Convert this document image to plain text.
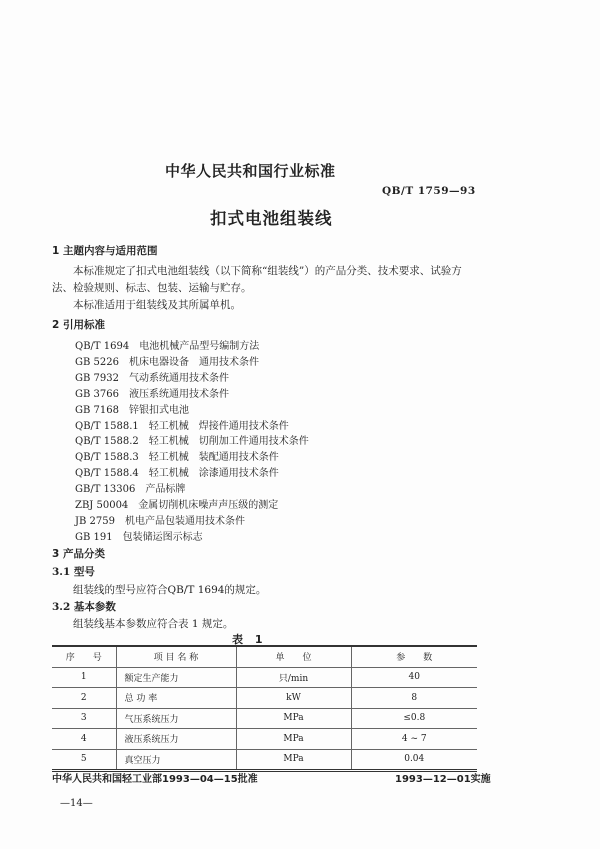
中华人民共和国行业标准
QB/T 1759—93
扣式电池组装线
1 主题内容与适用范围
本标准规定了扣式电池组装线（以下简称“组装线”）的产品分类、技术要求、试验方
法、检验规则、标志、包装、运输与贮存。
本标准适用于组装线及其所属单机。
2 引用标准
QB/T 1694 电池机械产品型号编制方法
GB 5226 机床电器设备 通用技术条件
GB 7932 气动系统通用技术条件
GB 3766 液压系统通用技术条件
GB 7168 锌银扣式电池
QB/T 1588.1 轻工机械 焊接件通用技术条件
QB/T 1588.2 轻工机械 切削加工件通用技术条件
QB/T 1588.3 轻工机械 装配通用技术条件
QB/T 1588.4 轻工机械 涂漆通用技术条件
GB/T 13306 产品标牌
ZBJ 50004 金属切削机床噪声声压级的测定
JB 2759 机电产品包装通用技术条件
GB 191 包装储运图示标志
3 产品分类
3.1 型号
组装线的型号应符合QB/T 1694的规定。
3.2 基本参数
组装线基本参数应符合表 1 规定。
表 1
序　　号	项 目 名 称	单　　位	参　　数
1	额定生产能力	只/min	40
2	总 功 率	kW	8
3	气压系统压力	MPa	≤0.8
4	液压系统压力	MPa	4 ~ 7
5	真空压力	MPa	0.04
中华人民共和国轻工业部1993—04—15批准	1993—12—01实施
—14—
